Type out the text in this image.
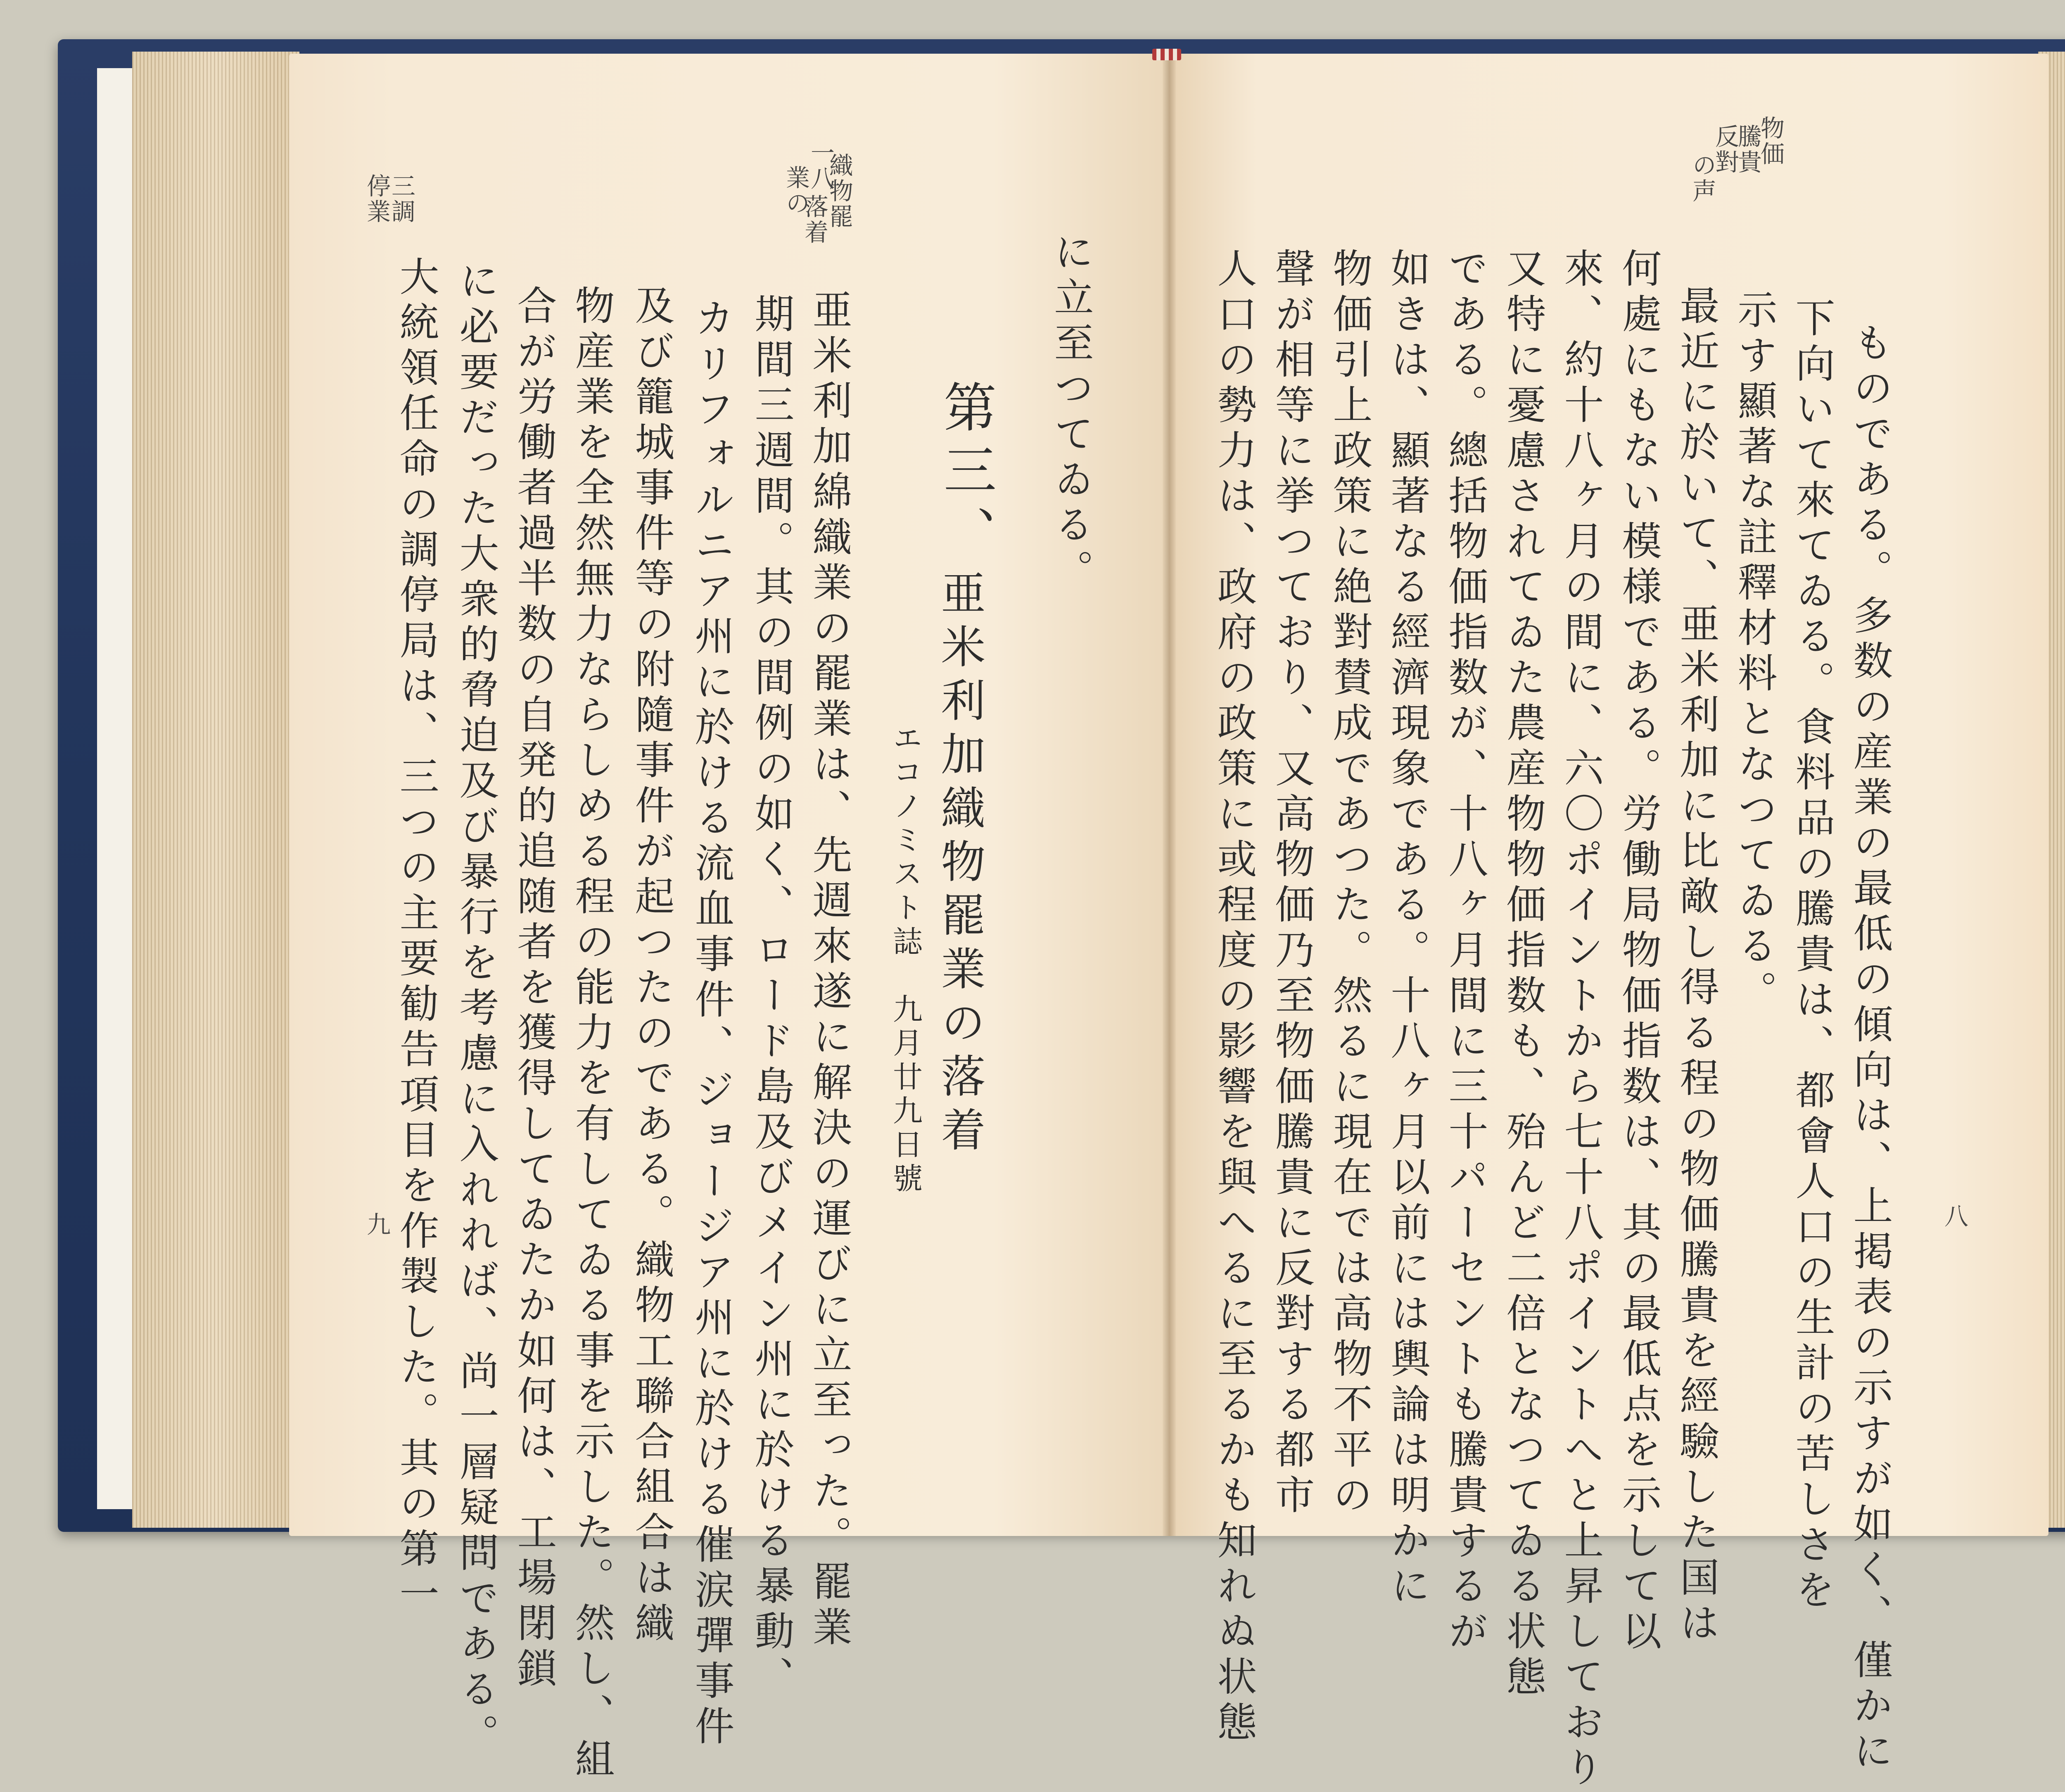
一八
織物罷
業の
落着
三調
停業
に立至つてゐる。
第三、
亜米利加織物罷業の落着
エコノミスト誌　九月廿九日號
亜米利加綿織業の罷業は、先週來遂に解決の運びに立至った。罷業
期間三週間。其の間例の如く、ロード島及びメイン州に於ける暴動、
カリフォルニア州に於ける流血事件、ジョージア州に於ける催涙彈事件
及び籠城事件等の附隨事件が起つたのである。織物工聯合組合は織
物産業を全然無力ならしめる程の能力を有してゐる事を示した。然し、組
合が労働者過半数の自発的追随者を獲得してゐたか如何は、工場閉鎖
に必要だった大衆的脅迫及び暴行を考慮に入れれば、尚一層疑問である。
大統領任命の調停局は、三つの主要勧告項目を作製した。其の第一
九
物価
騰貴
反對
の声
八
ものである。多数の産業の最低の傾向は、上掲表の示すが如く、僅かに
下向いて來てゐる。食料品の騰貴は、都會人口の生計の苦しさを
示す顯著な註釋材料となつてゐる。
最近に於いて、亜米利加に比敵し得る程の物価騰貴を經驗した国は
何處にもない模様である。労働局物価指数は、其の最低点を示して以
來、約十八ヶ月の間に、六〇ポイントから七十八ポイントへと上昇しており
又特に憂慮されてゐた農産物物価指数も、殆んど二倍となつてゐる状態
である。總括物価指数が、十八ヶ月間に三十パーセントも騰貴するが
如きは、顯著なる經濟現象である。十八ヶ月以前には輿論は明かに
物価引上政策に絶對賛成であつた。然るに現在では高物不平の
聲が相等に挙つており、又高物価乃至物価騰貴に反對する都市
人口の勢力は、政府の政策に或程度の影響を與へるに至るかも知れぬ状態
